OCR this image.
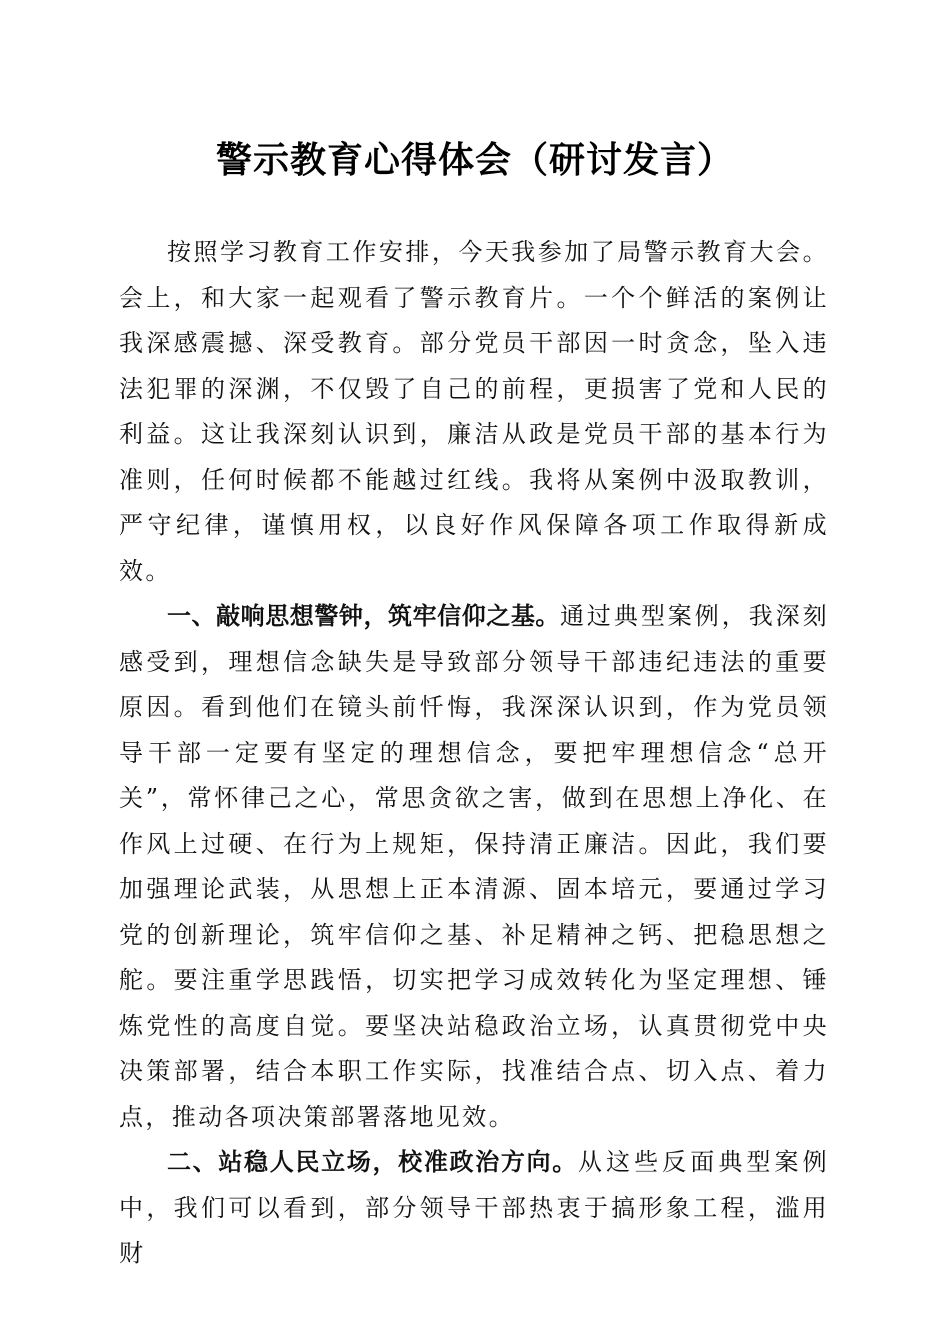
警示教育心得体会（研讨发言）

按照学习教育工作安排，今天我参加了局警示教育大会。会上，和大家一起观看了警示教育片。一个个鲜活的案例让我深感震撼、深受教育。部分党员干部因一时贪念，坠入违法犯罪的深渊，不仅毁了自己的前程，更损害了党和人民的利益。这让我深刻认识到，廉洁从政是党员干部的基本行为准则，任何时候都不能越过红线。我将从案例中汲取教训，严守纪律，谨慎用权，以良好作风保障各项工作取得新成效。

一、敲响思想警钟，筑牢信仰之基。通过典型案例，我深刻感受到，理想信念缺失是导致部分领导干部违纪违法的重要原因。看到他们在镜头前忏悔，我深深认识到，作为党员领导干部一定要有坚定的理想信念，要把牢理想信念“总开关”，常怀律己之心，常思贪欲之害，做到在思想上净化、在作风上过硬、在行为上规矩，保持清正廉洁。因此，我们要加强理论武装，从思想上正本清源、固本培元，要通过学习党的创新理论，筑牢信仰之基、补足精神之钙、把稳思想之舵。要注重学思践悟，切实把学习成效转化为坚定理想、锤炼党性的高度自觉。要坚决站稳政治立场，认真贯彻党中央决策部署，结合本职工作实际，找准结合点、切入点、着力点，推动各项决策部署落地见效。

二、站稳人民立场，校准政治方向。从这些反面典型案例中，我们可以看到，部分领导干部热衷于搞形象工程，滥用财
